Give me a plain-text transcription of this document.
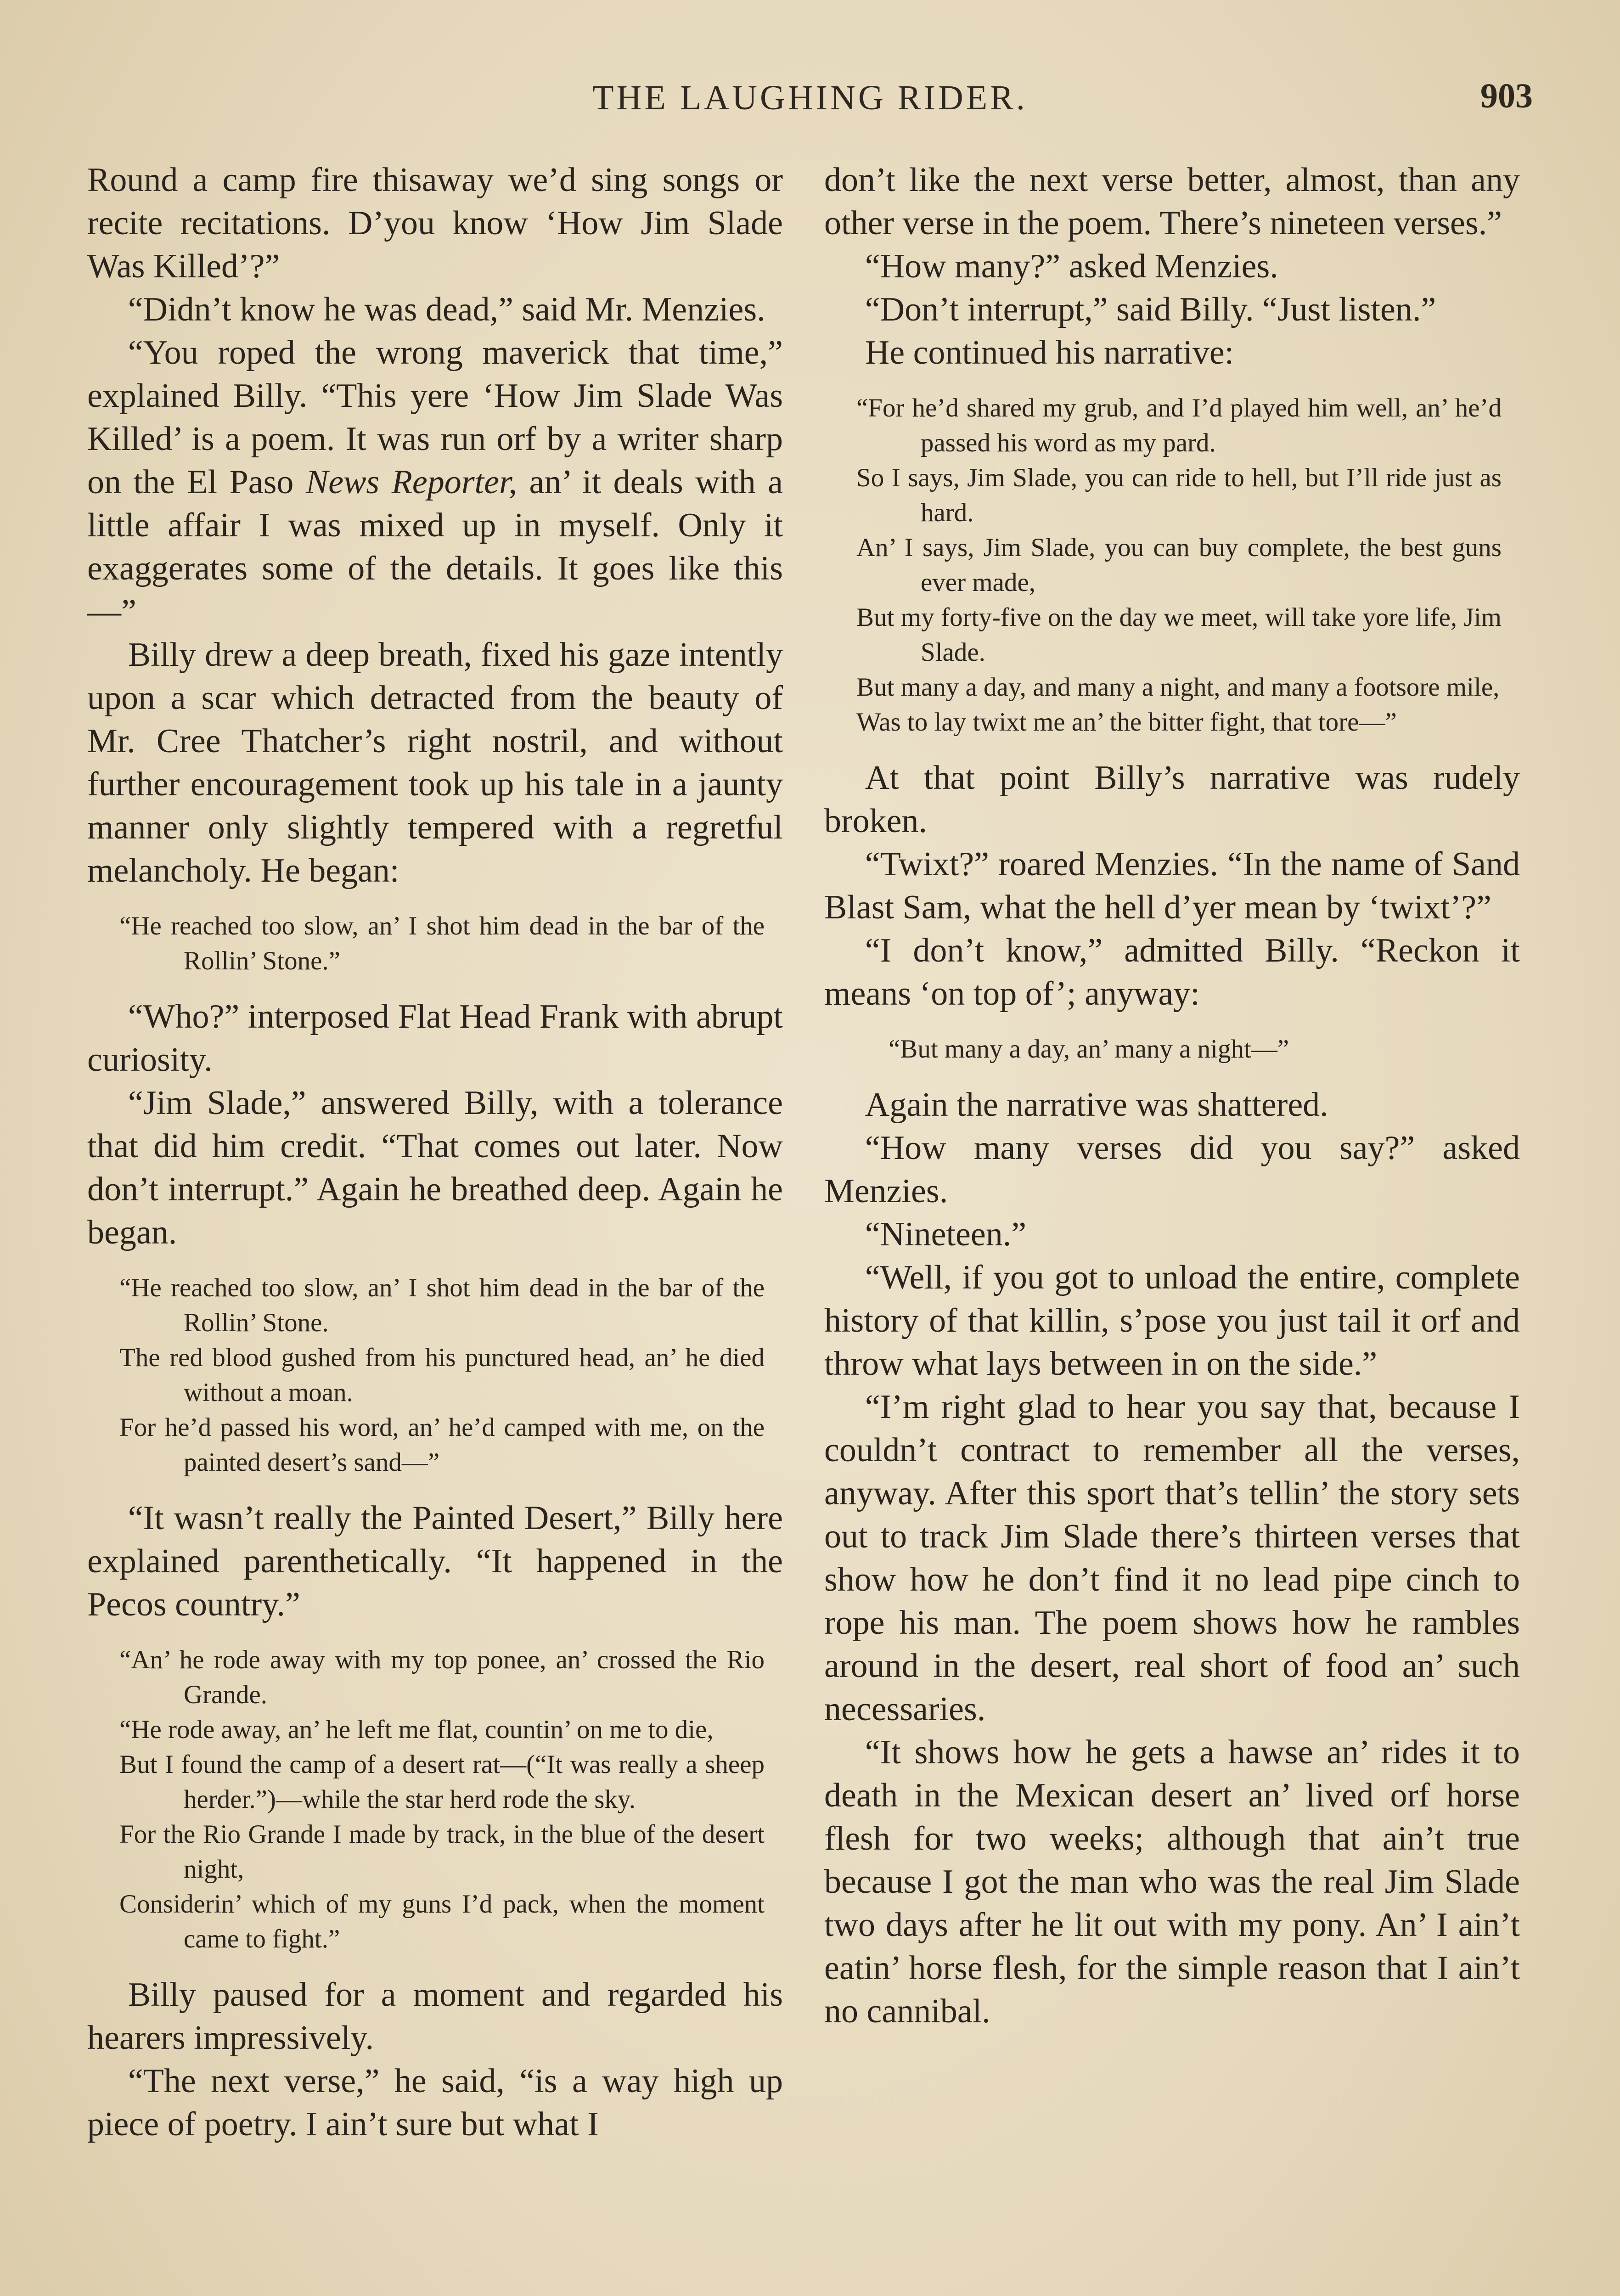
THE LAUGHING RIDER.	903

Round a camp fire thisaway we’d sing songs or recite recitations. D’you know ‘How Jim Slade Was Killed’?”

“Didn’t know he was dead,” said Mr. Menzies.

“You roped the wrong maverick that time,” explained Billy. “This yere ‘How Jim Slade Was Killed’ is a poem. It was run orf by a writer sharp on the El Paso News Reporter, an’ it deals with a little affair I was mixed up in myself. Only it exaggerates some of the details. It goes like this—”

Billy drew a deep breath, fixed his gaze intently upon a scar which detracted from the beauty of Mr. Cree Thatcher’s right nostril, and without further encouragement took up his tale in a jaunty manner only slightly tempered with a regretful melancholy. He began:

“He reached too slow, an’ I shot him dead in the bar of the Rollin’ Stone.”

“Who?” interposed Flat Head Frank with abrupt curiosity.

“Jim Slade,” answered Billy, with a tolerance that did him credit. “That comes out later. Now don’t interrupt.” Again he breathed deep. Again he began.

“He reached too slow, an’ I shot him dead in the bar of the Rollin’ Stone.
The red blood gushed from his punctured head, an’ he died without a moan.
For he’d passed his word, an’ he’d camped with me, on the painted desert’s sand—”

“It wasn’t really the Painted Desert,” Billy here explained parenthetically. “It happened in the Pecos country.”

“An’ he rode away with my top ponee, an’ crossed the Rio Grande.
“He rode away, an’ he left me flat, countin’ on me to die,
But I found the camp of a desert rat—(“It was really a sheep herder.”)—while the star herd rode the sky.
For the Rio Grande I made by track, in the blue of the desert night,
Considerin’ which of my guns I’d pack, when the moment came to fight.”

Billy paused for a moment and regarded his hearers impressively.

“The next verse,” he said, “is a way high up piece of poetry. I ain’t sure but what I

don’t like the next verse better, almost, than any other verse in the poem. There’s nineteen verses.”

“How many?” asked Menzies.

“Don’t interrupt,” said Billy. “Just listen.”

He continued his narrative:

“For he’d shared my grub, and I’d played him well, an’ he’d passed his word as my pard.
So I says, Jim Slade, you can ride to hell, but I’ll ride just as hard.
An’ I says, Jim Slade, you can buy complete, the best guns ever made,
But my forty-five on the day we meet, will take yore life, Jim Slade.
But many a day, and many a night, and many a footsore mile,
Was to lay twixt me an’ the bitter fight, that tore—”

At that point Billy’s narrative was rudely broken.

“Twixt?” roared Menzies. “In the name of Sand Blast Sam, what the hell d’yer mean by ‘twixt’?”

“I don’t know,” admitted Billy. “Reckon it means ‘on top of’; anyway:

“But many a day, an’ many a night—”

Again the narrative was shattered.

“How many verses did you say?” asked Menzies.

“Nineteen.”

“Well, if you got to unload the entire, complete history of that killin, s’pose you just tail it orf and throw what lays between in on the side.”

“I’m right glad to hear you say that, because I couldn’t contract to remember all the verses, anyway. After this sport that’s tellin’ the story sets out to track Jim Slade there’s thirteen verses that show how he don’t find it no lead pipe cinch to rope his man. The poem shows how he rambles around in the desert, real short of food an’ such necessaries.

“It shows how he gets a hawse an’ rides it to death in the Mexican desert an’ lived orf horse flesh for two weeks; although that ain’t true because I got the man who was the real Jim Slade two days after he lit out with my pony. An’ I ain’t eatin’ horse flesh, for the simple reason that I ain’t no cannibal.
